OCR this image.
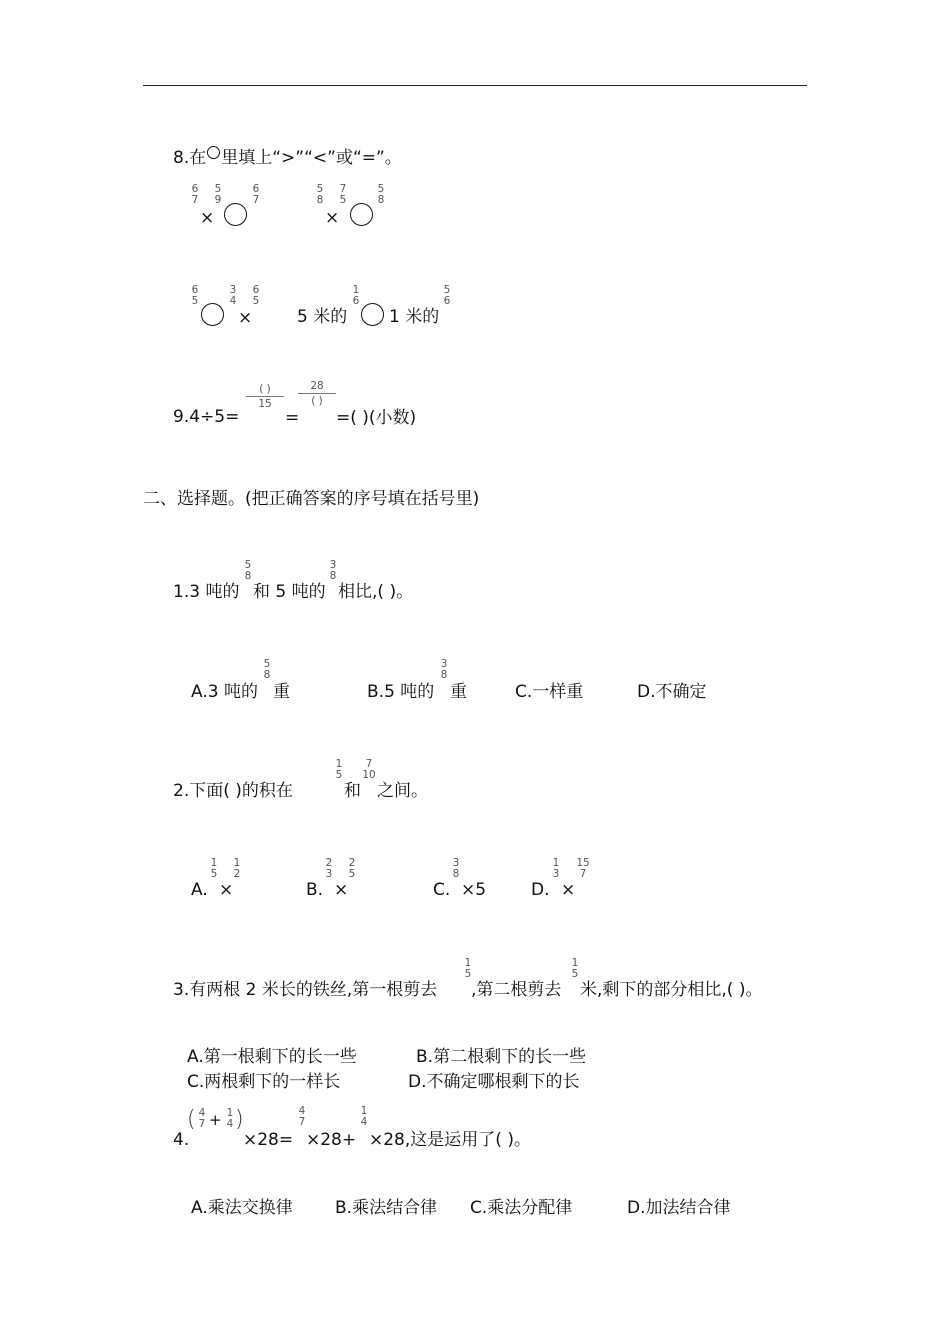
8.在 里填上“>”“<”或“=”。
6
7
×
5
9
6
7
5
8
×
7
5
5
8
6
5
3
4
×
6
5
5 米的
1
6
1 米的
5
6
9.4÷5=
( )
15
=
28
( )
=( )(小数)
二、选择题。(把正确答案的序号填在括号里)
1.3 吨的
5
8
和 5 吨的
3
8
相比,( )。
A.3 吨的
5
8
重	B.5 吨的
3
8
重	C.一样重	D.不确定
2.下面( )的积在
1
5
和
7
10
之间。
A.
1
5
×
1
2
B.
2
3
×
2
5
C.
3
8
×5	D.
1
3
×
15
7
3.有两根 2 米长的铁丝,第一根剪去
1
5
,第二根剪去
1
5
米,剩下的部分相比,( )。
A.第一根剩下的长一些	B.第二根剩下的长一些
C.两根剩下的一样长	D.不确定哪根剩下的长
4.
( 4
7 + 1
4 )
×28=
4
7
×28+
1
4
×28,这是运用了( )。
A.乘法交换律 B.乘法结合律 C.乘法分配律	D.加法结合律
